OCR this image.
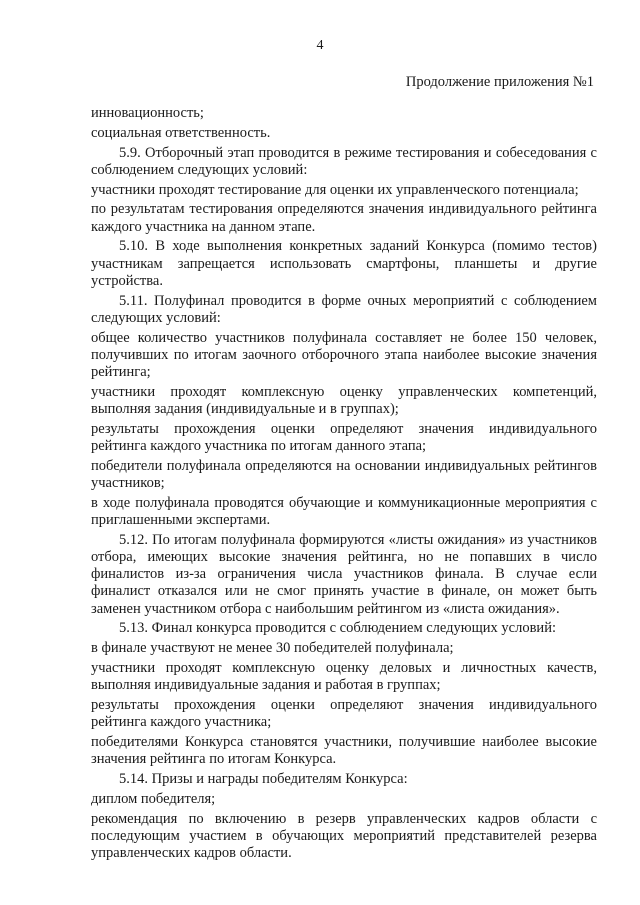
4
Продолжение приложения №1

инновационность;

социальная ответственность.

5.9. Отборочный этап проводится в режиме тестирования и собеседования с соблюдением следующих условий:

участники проходят тестирование для оценки их управленческого потенциала;

по результатам тестирования определяются значения индивидуального рейтинга каждого участника на данном этапе.

5.10. В ходе выполнения конкретных заданий Конкурса (помимо тестов) участникам запрещается использовать смартфоны, планшеты и другие устройства.

5.11. Полуфинал проводится в форме очных мероприятий с соблюдением следующих условий:

общее количество участников полуфинала составляет не более 150 человек, получивших по итогам заочного отборочного этапа наиболее высокие значения рейтинга;

участники проходят комплексную оценку управленческих компетенций, выполняя задания (индивидуальные и в группах);

результаты прохождения оценки определяют значения индивидуального рейтинга каждого участника по итогам данного этапа;

победители полуфинала определяются на основании индивидуальных рейтингов участников;

в ходе полуфинала проводятся обучающие и коммуникационные мероприятия с приглашенными экспертами.

5.12. По итогам полуфинала формируются «листы ожидания» из участников отбора, имеющих высокие значения рейтинга, но не попавших в число финалистов из-за ограничения числа участников финала. В случае если финалист отказался или не смог принять участие в финале, он может быть заменен участником отбора с наибольшим рейтингом из «листа ожидания».

5.13. Финал конкурса проводится с соблюдением следующих условий:

в финале участвуют не менее 30 победителей полуфинала;

участники проходят комплексную оценку деловых и личностных качеств, выполняя индивидуальные задания и работая в группах;

результаты прохождения оценки определяют значения индивидуального рейтинга каждого участника;

победителями Конкурса становятся участники, получившие наиболее высокие значения рейтинга по итогам Конкурса.

5.14. Призы и награды победителям Конкурса:

диплом победителя;

рекомендация по включению в резерв управленческих кадров области с последующим участием в обучающих мероприятий представителей резерва управленческих кадров области.
